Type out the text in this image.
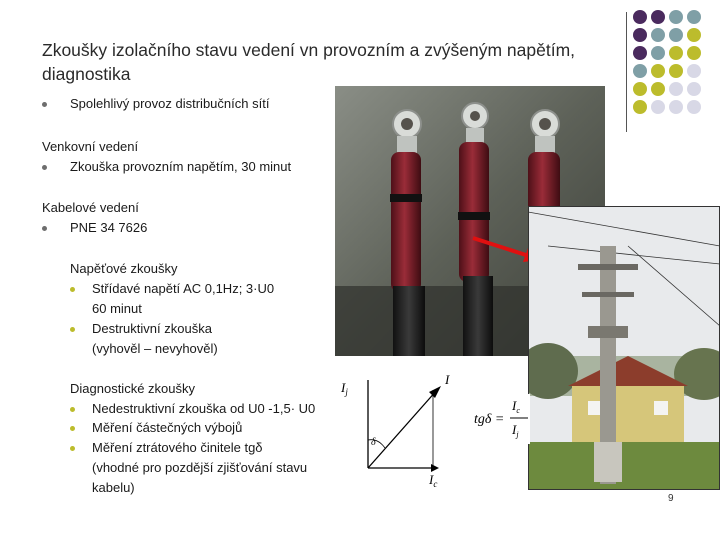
Zkoušky izolačního stavu vedení vn provozním a zvýšeným napětím, diagnostika
Spolehlivý provoz distribučních sítí
Venkovní vedení
Zkouška provozním napětím, 30 minut
Kabelové vedení
PNE 34 7626
Napěťové zkoušky
Střídavé napětí AC 0,1Hz; 3·U0
60 minut
Destruktivní zkouška
(vyhověl – nevyhověl)
Diagnostické zkoušky
Nedestruktivní zkouška od U0 -1,5· U0
Měření částečných výbojů
Měření ztrátového činitele tgδ
(vhodné pro pozdější zjišťování stavu
kabelu)
$I_j$
I
δ
$I_c$
tgδ =
$I_c$
$I_j$
9
